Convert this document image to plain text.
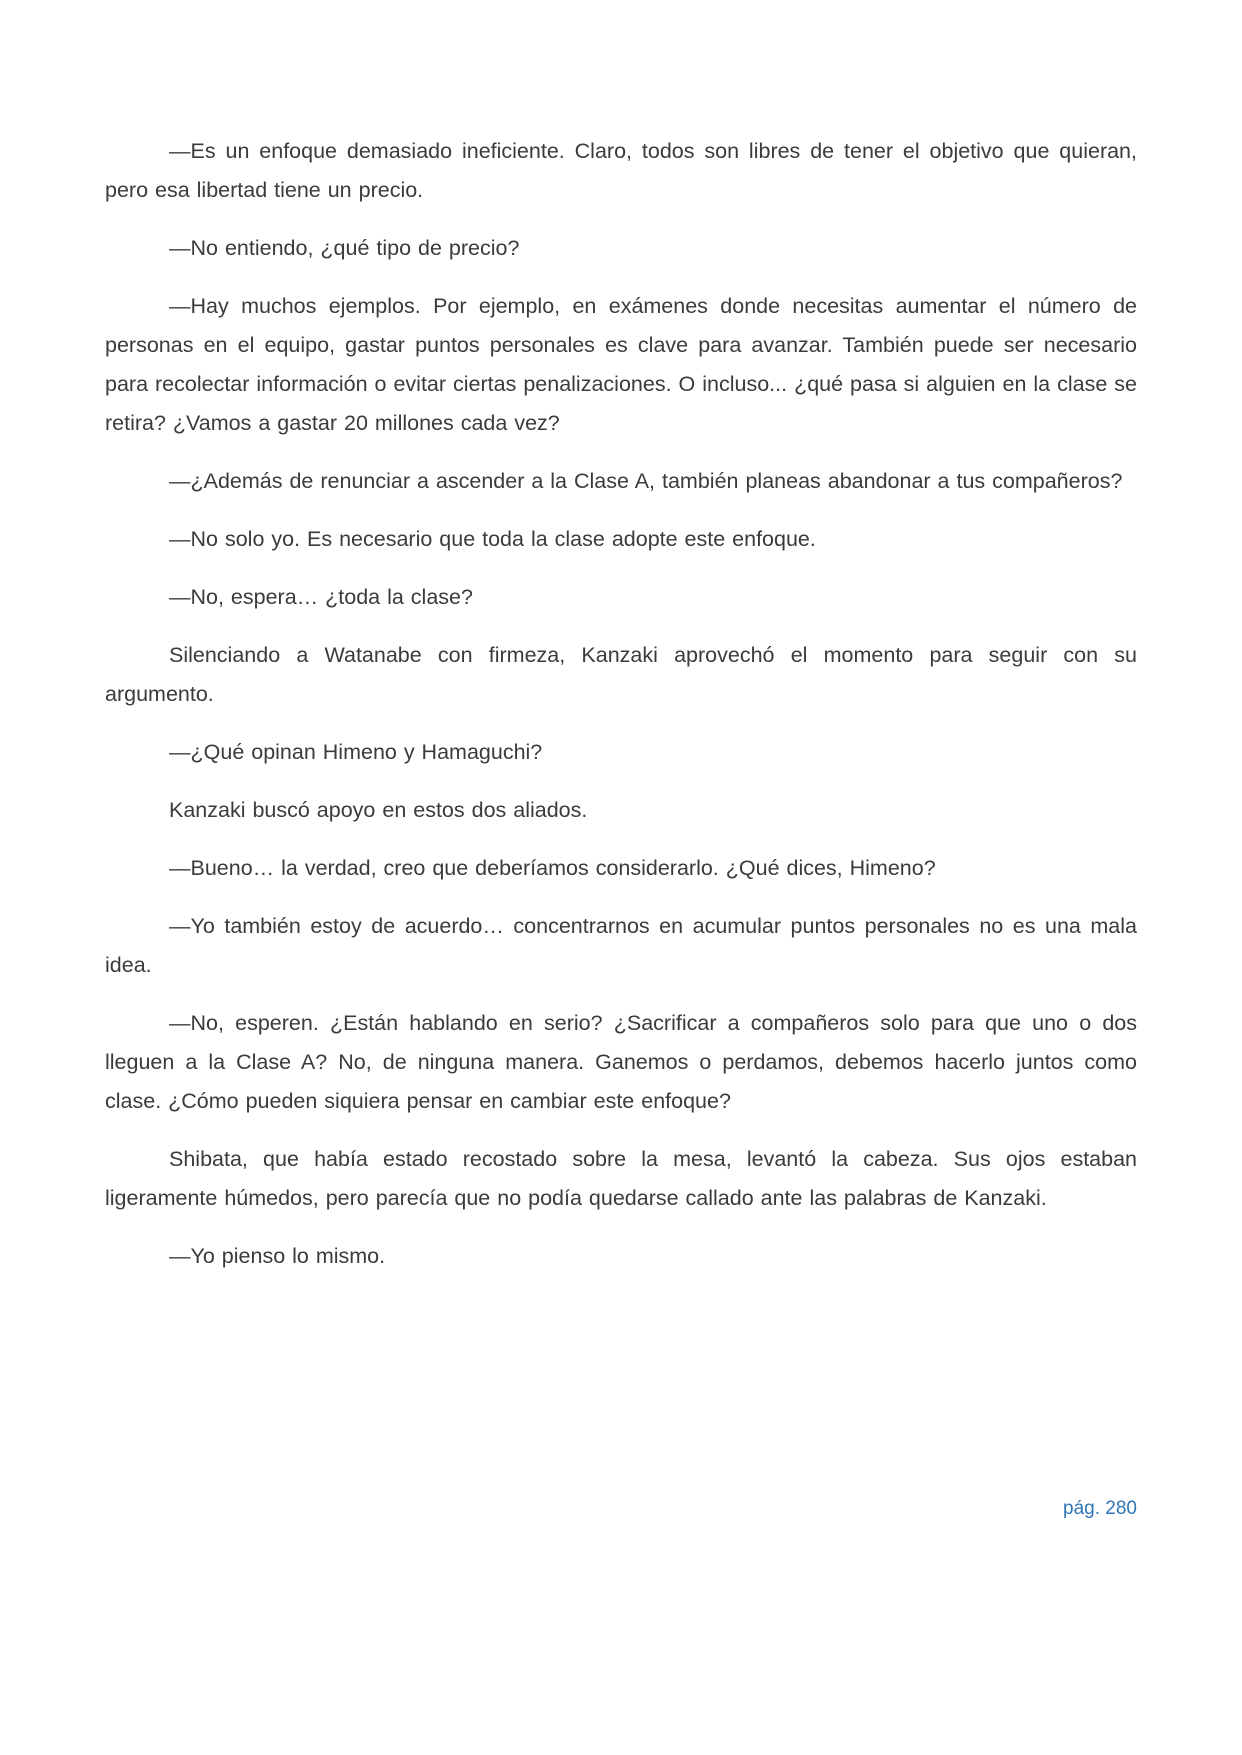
—Es un enfoque demasiado ineficiente. Claro, todos son libres de tener el objetivo que quieran, pero esa libertad tiene un precio.

—No entiendo, ¿qué tipo de precio?

—Hay muchos ejemplos. Por ejemplo, en exámenes donde necesitas aumentar el número de personas en el equipo, gastar puntos personales es clave para avanzar. También puede ser necesario para recolectar información o evitar ciertas penalizaciones. O incluso... ¿qué pasa si alguien en la clase se retira? ¿Vamos a gastar 20 millones cada vez?

—¿Además de renunciar a ascender a la Clase A, también planeas abandonar a tus compañeros?

—No solo yo. Es necesario que toda la clase adopte este enfoque.

—No, espera… ¿toda la clase?

Silenciando a Watanabe con firmeza, Kanzaki aprovechó el momento para seguir con su argumento.

—¿Qué opinan Himeno y Hamaguchi?

Kanzaki buscó apoyo en estos dos aliados.

—Bueno… la verdad, creo que deberíamos considerarlo. ¿Qué dices, Himeno?

—Yo también estoy de acuerdo… concentrarnos en acumular puntos personales no es una mala idea.

—No, esperen. ¿Están hablando en serio? ¿Sacrificar a compañeros solo para que uno o dos lleguen a la Clase A? No, de ninguna manera. Ganemos o perdamos, debemos hacerlo juntos como clase. ¿Cómo pueden siquiera pensar en cambiar este enfoque?

Shibata, que había estado recostado sobre la mesa, levantó la cabeza. Sus ojos estaban ligeramente húmedos, pero parecía que no podía quedarse callado ante las palabras de Kanzaki.

—Yo pienso lo mismo.

pág. 280
